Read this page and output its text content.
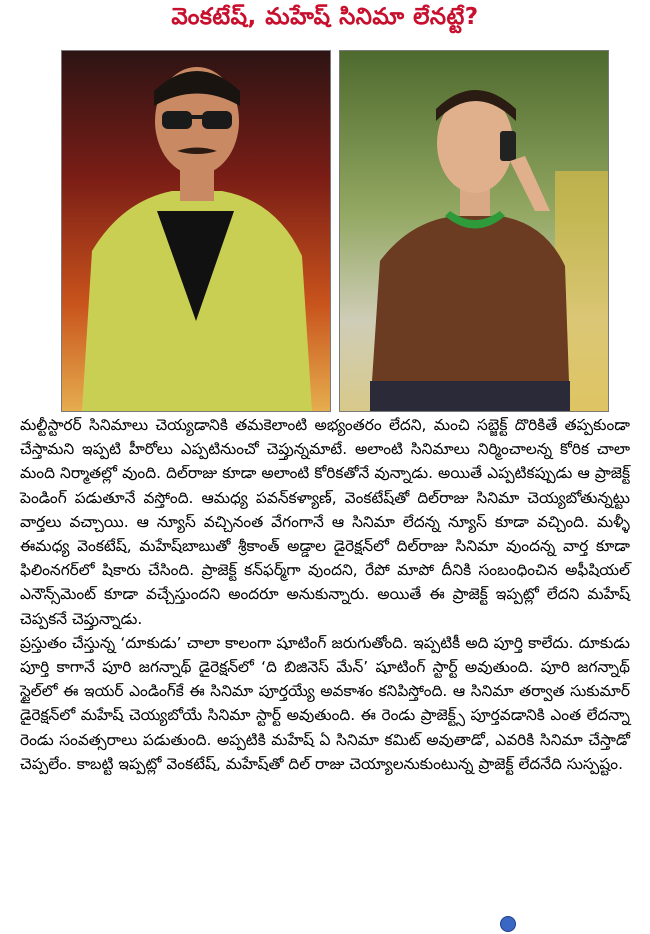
వెంకటేష్, మహేష్ సినిమా లేనట్టే?

మల్టీస్టారర్ సినిమాలు చెయ్యడానికి తమకెలాంటి అభ్యంతరం లేదని, మంచి సబ్జెక్ట్ దొరికితే తప్పకుండా చేస్తామని ఇప్పటి హీరోలు ఎప్పటినుంచో చెప్తున్నమాటే. అలాంటి సినిమాలు నిర్మించాలన్న కోరిక చాలా మంది నిర్మాతల్లో వుంది. దిల్‌రాజు కూడా అలాంటి కోరికతోనే వున్నాడు. అయితే ఎప్పటికప్పుడు ఆ ప్రాజెక్ట్ పెండింగ్ పడుతూనే వస్తోంది. ఆమధ్య పవన్‌కళ్యాణ్, వెంకటేష్‌తో దిల్‌రాజు సినిమా చెయ్యబోతున్నట్టు వార్తలు వచ్చాయి. ఆ న్యూస్ వచ్చినంత వేగంగానే ఆ సినిమా లేదన్న న్యూస్ కూడా వచ్చింది. మళ్ళీ ఈమధ్య వెంకటేష్, మహేష్‌బాబుతో శ్రీకాంత్ అడ్డాల డైరెక్షన్‌లో దిల్‌రాజు సినిమా వుందన్న వార్త కూడా ఫిలింనగర్‌లో షికారు చేసింది. ప్రాజెక్ట్ కన్‌ఫర్మ్‌గా వుందని, రేపో మాపో దీనికి సంబంధించిన అఫీషియల్ ఎనౌన్స్‌మెంట్ కూడా వచ్చేస్తుందని అందరూ అనుకున్నారు. అయితే ఈ ప్రాజెక్ట్ ఇప్పట్లో లేదని మహేష్ చెప్పకనే చెప్తున్నాడు.

ప్రస్తుతం చేస్తున్న ‘దూకుడు’ చాలా కాలంగా షూటింగ్ జరుగుతోంది. ఇప్పటికీ అది పూర్తి కాలేదు. దూకుడు పూర్తి కాగానే పూరి జగన్నాథ్ డైరెక్షన్‌లో ‘ది బిజినెస్ మేన్’ షూటింగ్ స్టార్ట్ అవుతుంది. పూరి జగన్నాథ్ స్టైల్‌లో ఈ ఇయర్ ఎండింగ్‌కే ఈ సినిమా పూర్తయ్యే అవకాశం కనిపిస్తోంది. ఆ సినిమా తర్వాత సుకుమార్ డైరెక్షన్‌లో మహేష్ చెయ్యబోయే సినిమా స్టార్ట్ అవుతుంది. ఈ రెండు ప్రాజెక్ట్స్ పూర్తవడానికి ఎంత లేదన్నా రెండు సంవత్సరాలు పడుతుంది. అప్పటికి మహేష్ ఏ సినిమా కమిట్ అవుతాడో, ఎవరికి సినిమా చేస్తాడో చెప్పలేం. కాబట్టి ఇప్పట్లో వెంకటేష్, మహేష్‌తో దిల్ రాజు చెయ్యాలనుకుంటున్న ప్రాజెక్ట్ లేదనేది సుస్పష్టం.
